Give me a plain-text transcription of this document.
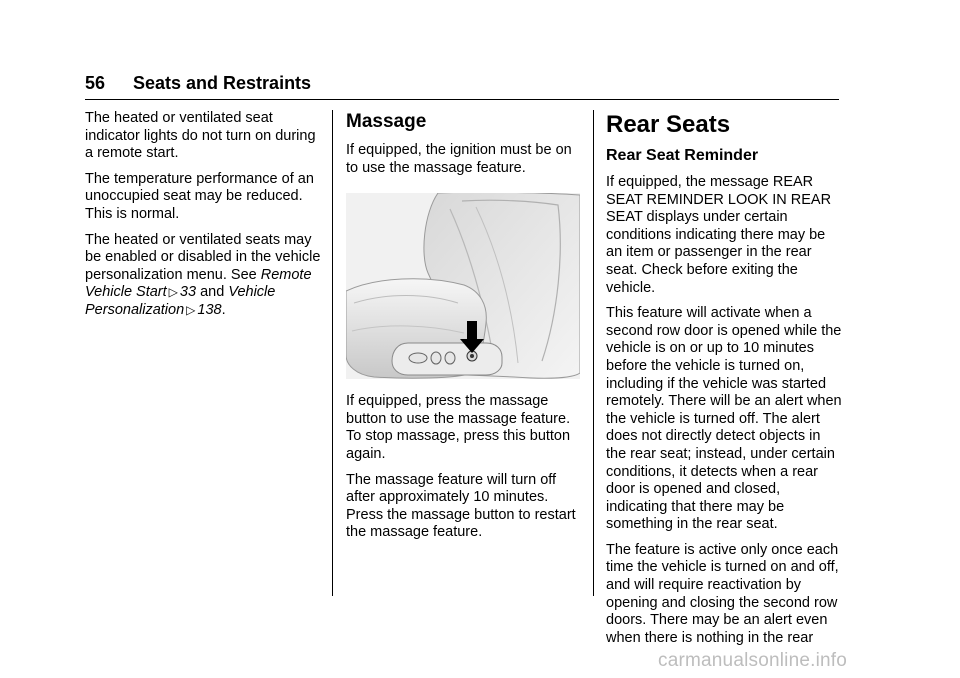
56 Seats and Restraints

The heated or ventilated seat indicator lights do not turn on during a remote start.

The temperature performance of an unoccupied seat may be reduced. This is normal.

The heated or ventilated seats may be enabled or disabled in the vehicle personalization menu. See Remote Vehicle Start ▷ 33 and Vehicle Personalization ▷ 138.

Massage

If equipped, the ignition must be on to use the massage feature.

If equipped, press the massage button to use the massage feature. To stop massage, press this button again.

The massage feature will turn off after approximately 10 minutes. Press the massage button to restart the massage feature.

Rear Seats
Rear Seat Reminder

If equipped, the message REAR SEAT REMINDER LOOK IN REAR SEAT displays under certain conditions indicating there may be an item or passenger in the rear seat. Check before exiting the vehicle.

This feature will activate when a second row door is opened while the vehicle is on or up to 10 minutes before the vehicle is turned on, including if the vehicle was started remotely. There will be an alert when the vehicle is turned off. The alert does not directly detect objects in the rear seat; instead, under certain conditions, it detects when a rear door is opened and closed, indicating that there may be something in the rear seat.

The feature is active only once each time the vehicle is turned on and off, and will require reactivation by opening and closing the second row doors. There may be an alert even when there is nothing in the rear

carmanualsonline.info
